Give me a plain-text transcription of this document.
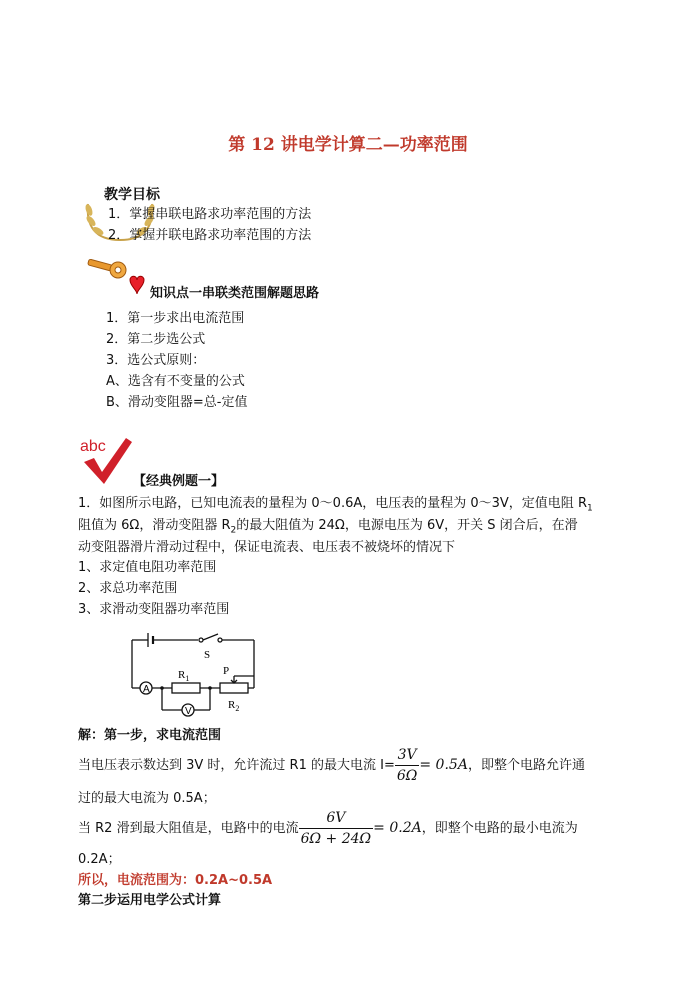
第 12 讲电学计算二—功率范围
教学目标
1．掌握串联电路求功率范围的方法
2．掌握并联电路求功率范围的方法
知识点一串联类范围解题思路
1．第一步求出电流范围
2．第二步选公式
3．选公式原则：
A、选含有不变量的公式
B、滑动变阻器=总-定值
abc
【经典例题一】
1．如图所示电路，已知电流表的量程为 0～0.6A，电压表的量程为 0～3V，定值电阻 $R_1$
阻值为 6Ω，滑动变阻器 $R_2$的最大阻值为 24Ω，电源电压为 6V，开关 S 闭合后，在滑
动变阻器滑片滑动过程中，保证电流表、电压表不被烧坏的情况下
1、求定值电阻功率范围
2、求总功率范围
3、求滑动变阻器功率范围
A
V
S
P
$R_1$
$R_2$
解：第一步，求电流范围
当电压表示数达到 3V 时，允许流过 R1 的最大电流 $I= \frac{3V}{6\Omega} = 0.5A$，即整个电路允许通
过的最大电流为 0.5A；
当 R2 滑到最大阻值是，电路中的电流 $\frac{6V}{6\Omega + 24\Omega} = 0.2A$，即整个电路的最小电流为
0.2A；
所以，电流范围为：0.2A~0.5A
第二步运用电学公式计算
